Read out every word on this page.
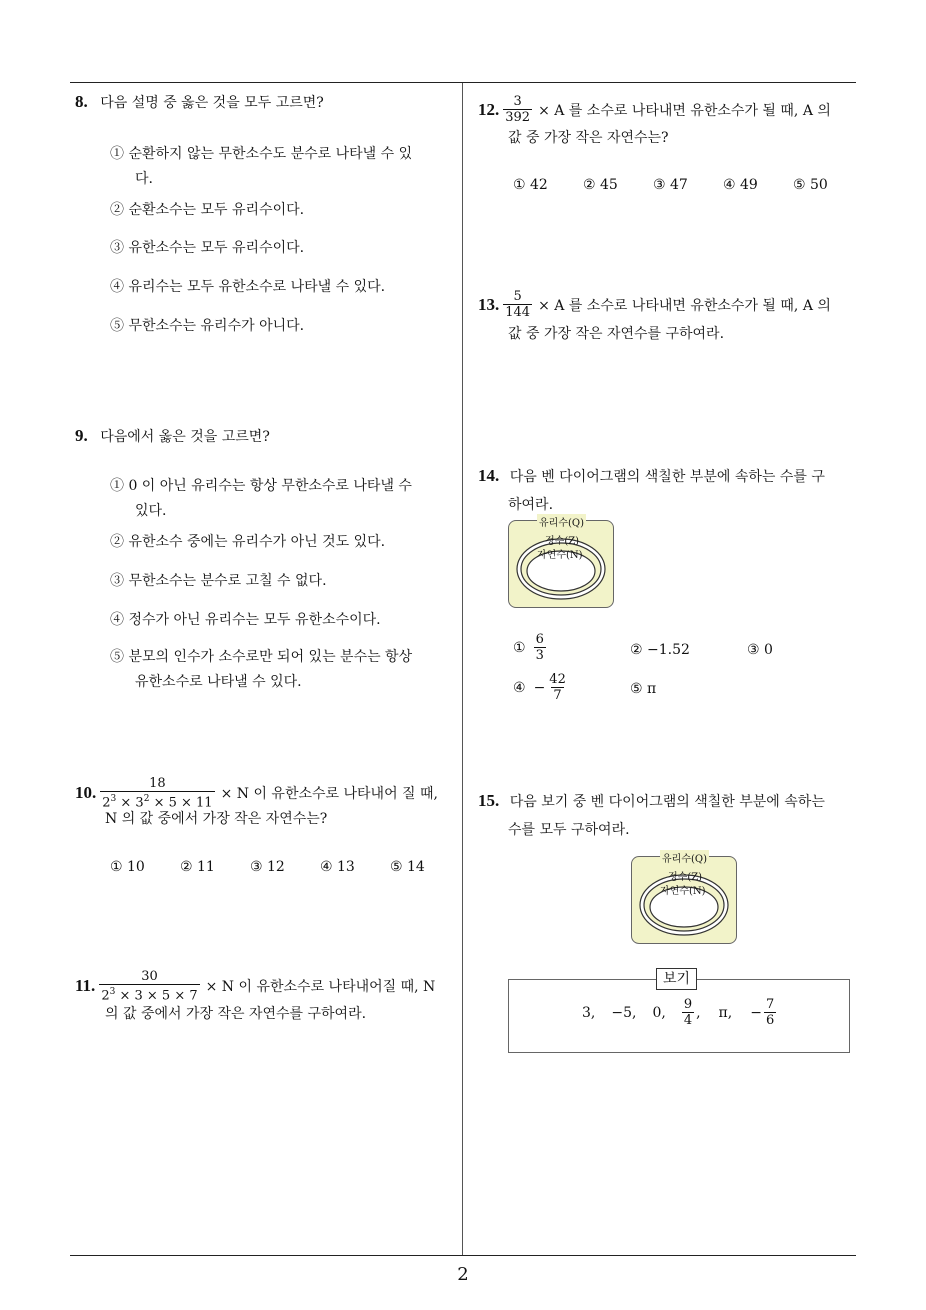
2
8. 다음 설명 중 옳은 것을 모두 고르면?
① 순환하지 않는 무한소수도 분수로 나타낼 수 있
다.
② 순환소수는 모두 유리수이다.
③ 유한소수는 모두 유리수이다.
④ 유리수는 모두 유한소수로 나타낼 수 있다.
⑤ 무한소수는 유리수가 아니다.
9. 다음에서 옳은 것을 고르면?
① 0 이 아닌 유리수는 항상 무한소수로 나타낼 수
있다.
② 유한소수 중에는 유리수가 아닌 것도 있다.
③ 무한소수는 분수로 고칠 수 없다.
④ 정수가 아닌 유리수는 모두 유한소수이다.
⑤ 분모의 인수가 소수로만 되어 있는 분수는 항상
유한소수로 나타낼 수 있다.
10. $\frac{18}{2^3 \times 3^2 \times 5 \times 11} \times N$ 이 유한소수로 나타내어 질 때,
N 의 값 중에서 가장 작은 자연수는?
① 10	② 11	③ 12	④ 13	⑤ 14
11. $\frac{30}{2^3 \times 3 \times 5 \times 7} \times N$ 이 유한소수로 나타내어질 때, N
의 값 중에서 가장 작은 자연수를 구하여라.
12. $\frac{3}{392} \times A$ 를 소수로 나타내면 유한소수가 될 때, A 의
값 중 가장 작은 자연수는?
① 42	② 45	③ 47	④ 49	⑤ 50
13. $\frac{5}{144} \times A$ 를 소수로 나타내면 유한소수가 될 때, A 의
값 중 가장 작은 자연수를 구하여라.
14. 다음 벤 다이어그램의 색칠한 부분에 속하는 수를 구
하여라.
유리수(Q)
정수(Z)
자연수(N)
① $\frac{6}{3}$	② −1.52	③ 0
④ − $\frac{42}{7}$	⑤ π
15. 다음 보기 중 벤 다이어그램의 색칠한 부분에 속하는
수를 모두 구하여라.
유리수(Q)
정수(Z)
자연수(N)
보기
3, −5, 0, $\frac{9}{4}$ , π, − $\frac{7}{6}$
